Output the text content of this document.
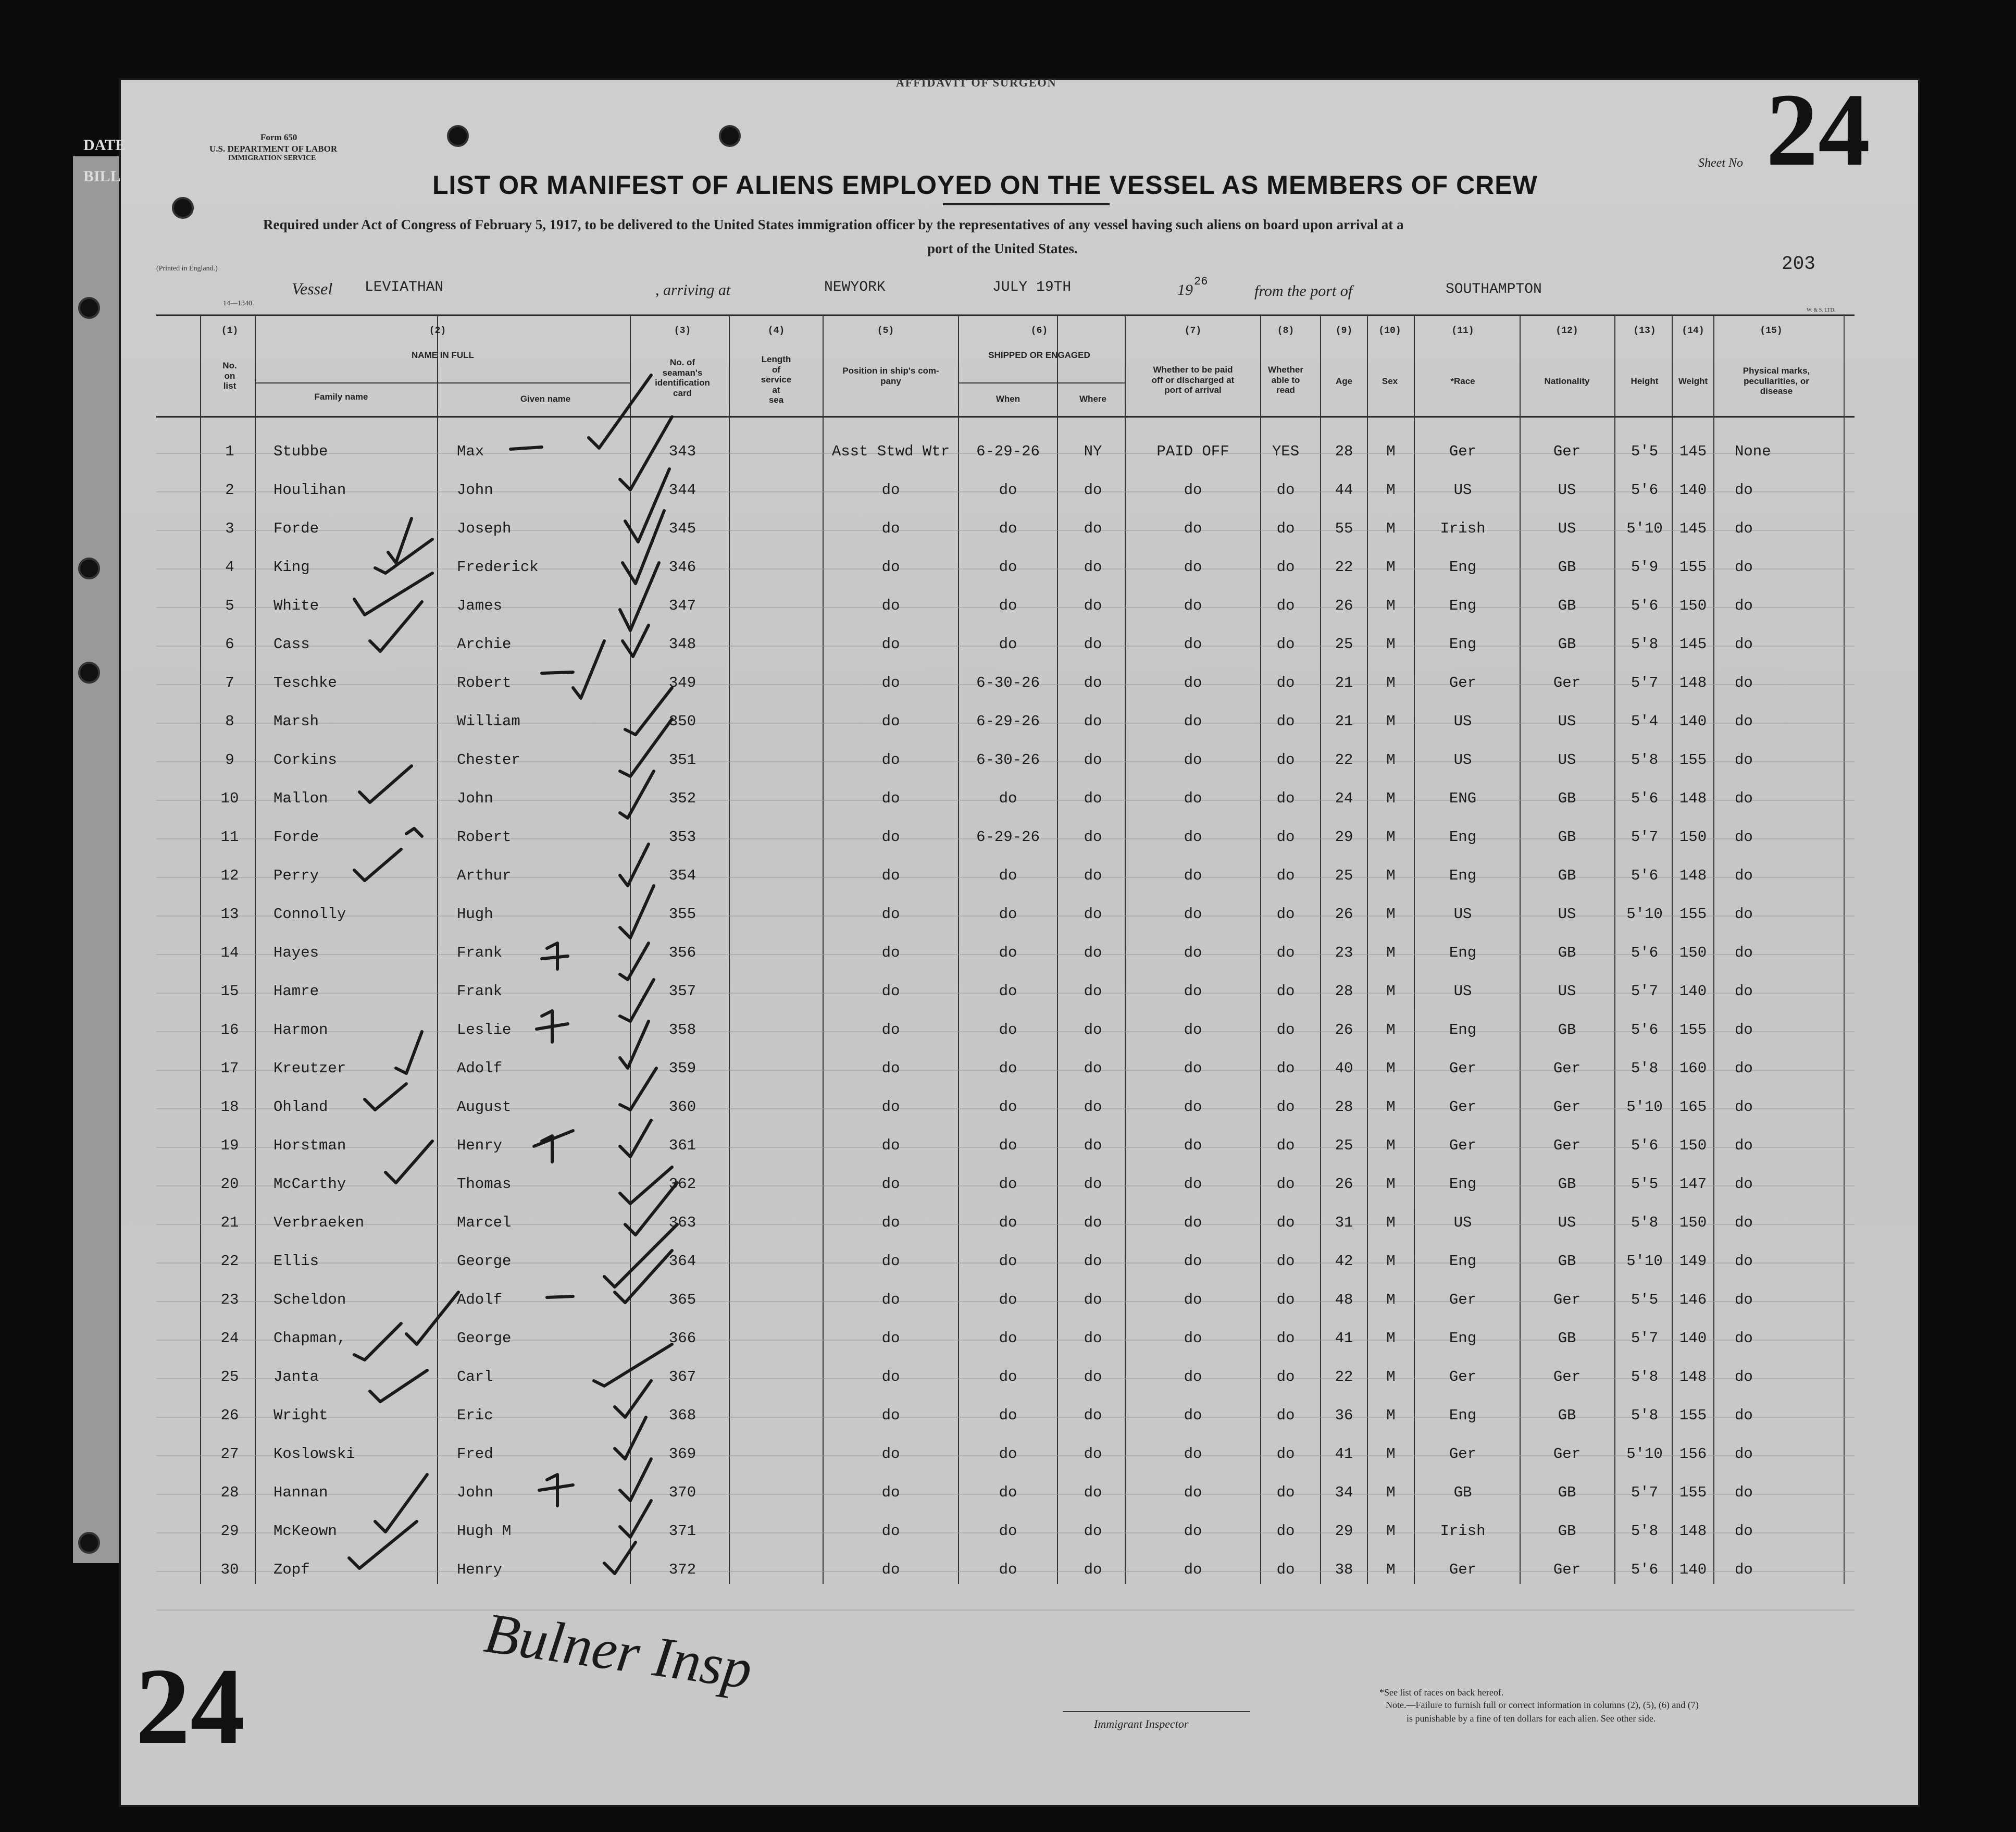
DATE
BILL
AFFIDAVIT OF SURGEON
Form 650
U.S. DEPARTMENT OF LABOR
IMMIGRATION SERVICE
LIST OR MANIFEST OF ALIENS EMPLOYED ON THE VESSEL AS MEMBERS OF CREW
Required under Act of Congress of February 5, 1917, to be delivered to the United States immigration officer by the representatives of any vessel having such aliens on board upon arrival at a
port of the United States.
Sheet No 24
203
(Printed in England.)
14—1340.
W. & S. LTD.
Vessel LEVIATHAN	, arriving at	NEWYORK	JULY 19TH	19 26
from the port of	SOUTHAMPTON
(1)	(2)	(3)	(4)	(5)	(6)	(7)	(8)	(9)	(10)	(11)	(12)	(13)	(14)	(15)
No.
on
list
NAME IN FULL
Family name	Given name
No. of
seaman's
identification
card
Length
of
service
at
sea
Position in ship's com-
pany
SHIPPED OR ENGAGED
When	Where
Whether to be paid
off or discharged at
port of arrival
Whether
able to
read
Age	Sex	*Race	Nationality	Height Weight
Physical marks,
peculiarities, or
disease
1	Stubbe	Max	343	Asst Stwd Wtr 6-29-26	NY	PAID OFF	YES 28 M	Ger	Ger	5'5 145 None
2	Houlihan	John	344	do	do	do	do	do	44 M	US	US	5'6 140 do
3	Forde	Joseph	345	do	do	do	do	do	55 M	Irish	US	5'10 145 do
4	King	Frederick	346	do	do	do	do	do	22 M	Eng	GB	5'9 155 do
5	White	James	347	do	do	do	do	do	26 M	Eng	GB	5'6 150 do
6	Cass	Archie	348	do	do	do	do	do	25 M	Eng	GB	5'8 145 do
7	Teschke	Robert	349	do	6-30-26	do	do	do	21 M	Ger	Ger	5'7 148 do
8	Marsh	William	350	do	6-29-26	do	do	do	21 M	US	US	5'4 140 do
9	Corkins	Chester	351	do	6-30-26	do	do	do	22 M	US	US	5'8 155 do
10 Mallon	John	352	do	do	do	do	do	24 M	ENG	GB	5'6 148 do
11 Forde	Robert	353	do	6-29-26	do	do	do	29 M	Eng	GB	5'7 150 do
12 Perry	Arthur	354	do	do	do	do	do	25 M	Eng	GB	5'6 148 do
13 Connolly	Hugh	355	do	do	do	do	do	26 M	US	US	5'10 155 do
14 Hayes	Frank	356	do	do	do	do	do	23 M	Eng	GB	5'6 150 do
15 Hamre	Frank	357	do	do	do	do	do	28 M	US	US	5'7 140 do
16 Harmon	Leslie	358	do	do	do	do	do	26 M	Eng	GB	5'6 155 do
17 Kreutzer	Adolf	359	do	do	do	do	do	40 M	Ger	Ger	5'8 160 do
18 Ohland	August	360	do	do	do	do	do	28 M	Ger	Ger	5'10 165 do
19 Horstman	Henry	361	do	do	do	do	do	25 M	Ger	Ger	5'6 150 do
20 McCarthy	Thomas	362	do	do	do	do	do	26 M	Eng	GB	5'5 147 do
21 Verbraeken	Marcel	363	do	do	do	do	do	31 M	US	US	5'8 150 do
22 Ellis	George	364	do	do	do	do	do	42 M	Eng	GB	5'10 149 do
23 Scheldon	Adolf	365	do	do	do	do	do	48 M	Ger	Ger	5'5 146 do
24 Chapman,	George	366	do	do	do	do	do	41 M	Eng	GB	5'7 140 do
25 Janta	Carl	367	do	do	do	do	do	22 M	Ger	Ger	5'8 148 do
26 Wright	Eric	368	do	do	do	do	do	36 M	Eng	GB	5'8 155 do
27 Koslowski	Fred	369	do	do	do	do	do	41 M	Ger	Ger	5'10 156 do
28 Hannan	John	370	do	do	do	do	do	34 M	GB	GB	5'7 155 do
29 McKeown	Hugh M	371	do	do	do	do	do	29 M	Irish	GB	5'8 148 do
30 Zopf	Henry	372	do	do	do	do	do	38 M	Ger	Ger	5'6 140 do
24	Bulner Insp
Immigrant Inspector
*See list of races on back hereof.
Note.—Failure to furnish full or correct information in columns (2), (5), (6) and (7)
is punishable by a fine of ten dollars for each alien. See other side.
